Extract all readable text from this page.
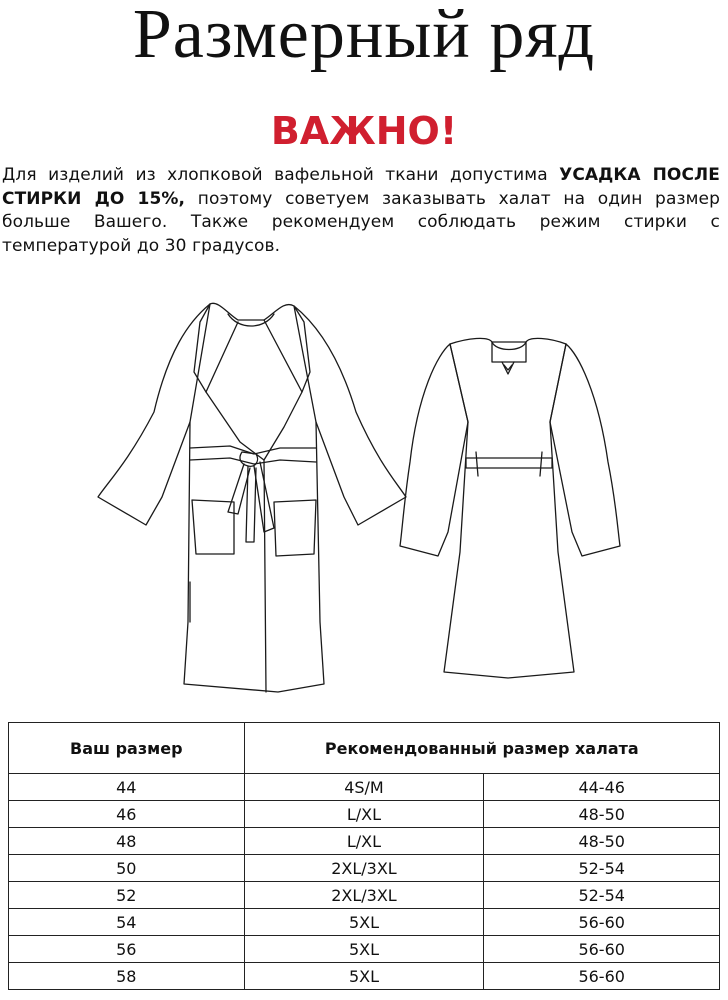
Размерный ряд
ВАЖНО!

Для изделий из хлопковой вафельной ткани допустима УСАДКА ПОСЛЕ СТИРКИ ДО 15%, поэтому советуем заказывать халат на один размер больше Вашего. Также рекомендуем соблюдать режим стирки с температурой до 30 градусов.

Ваш размер	Рекомендованный размер халата	
44	4S/M	44-46
46	L/XL	48-50
48	L/XL	48-50
50	2XL/3XL	52-54
52	2XL/3XL	52-54
54	5XL	56-60
56	5XL	56-60
58	5XL	56-60
